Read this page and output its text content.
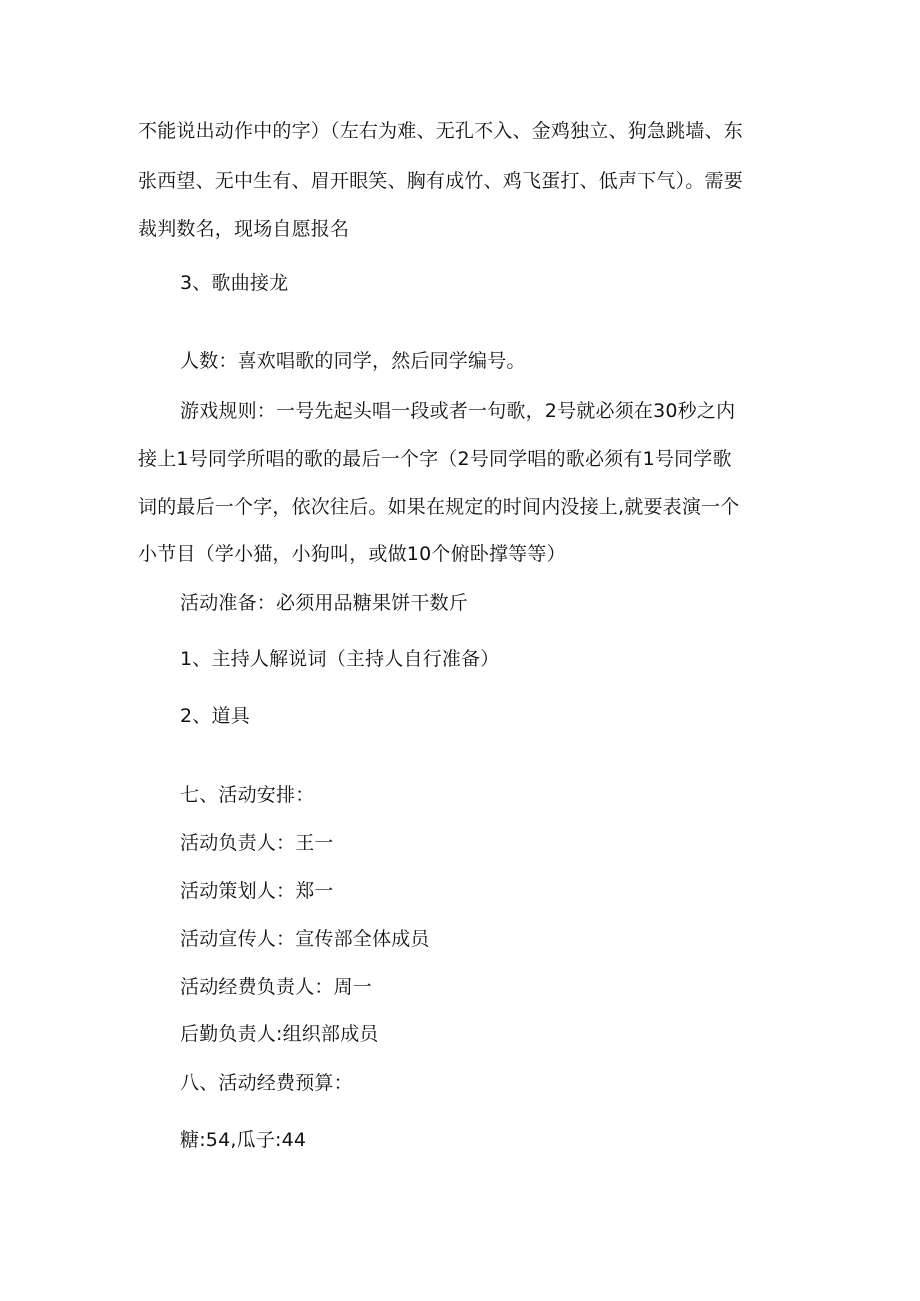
不能说出动作中的字）（左右为难、无孔不入、金鸡独立、狗急跳墙、东
张西望、无中生有、眉开眼笑、胸有成竹、鸡飞蛋打、低声下气）。需要
裁判数名，现场自愿报名
3、歌曲接龙
人数：喜欢唱歌的同学，然后同学编号。
游戏规则：一号先起头唱一段或者一句歌，2号就必须在30秒之内
接上1号同学所唱的歌的最后一个字（2号同学唱的歌必须有1号同学歌
词的最后一个字，依次往后。如果在规定的时间内没接上,就要表演一个
小节目（学小猫，小狗叫，或做10个俯卧撑等等）
活动准备：必须用品糖果饼干数斤
1、主持人解说词（主持人自行准备）
2、道具
七、活动安排：
活动负责人：王一
活动策划人：郑一
活动宣传人：宣传部全体成员
活动经费负责人：周一
后勤负责人:组织部成员
八、活动经费预算：
糖:54,瓜子:44
